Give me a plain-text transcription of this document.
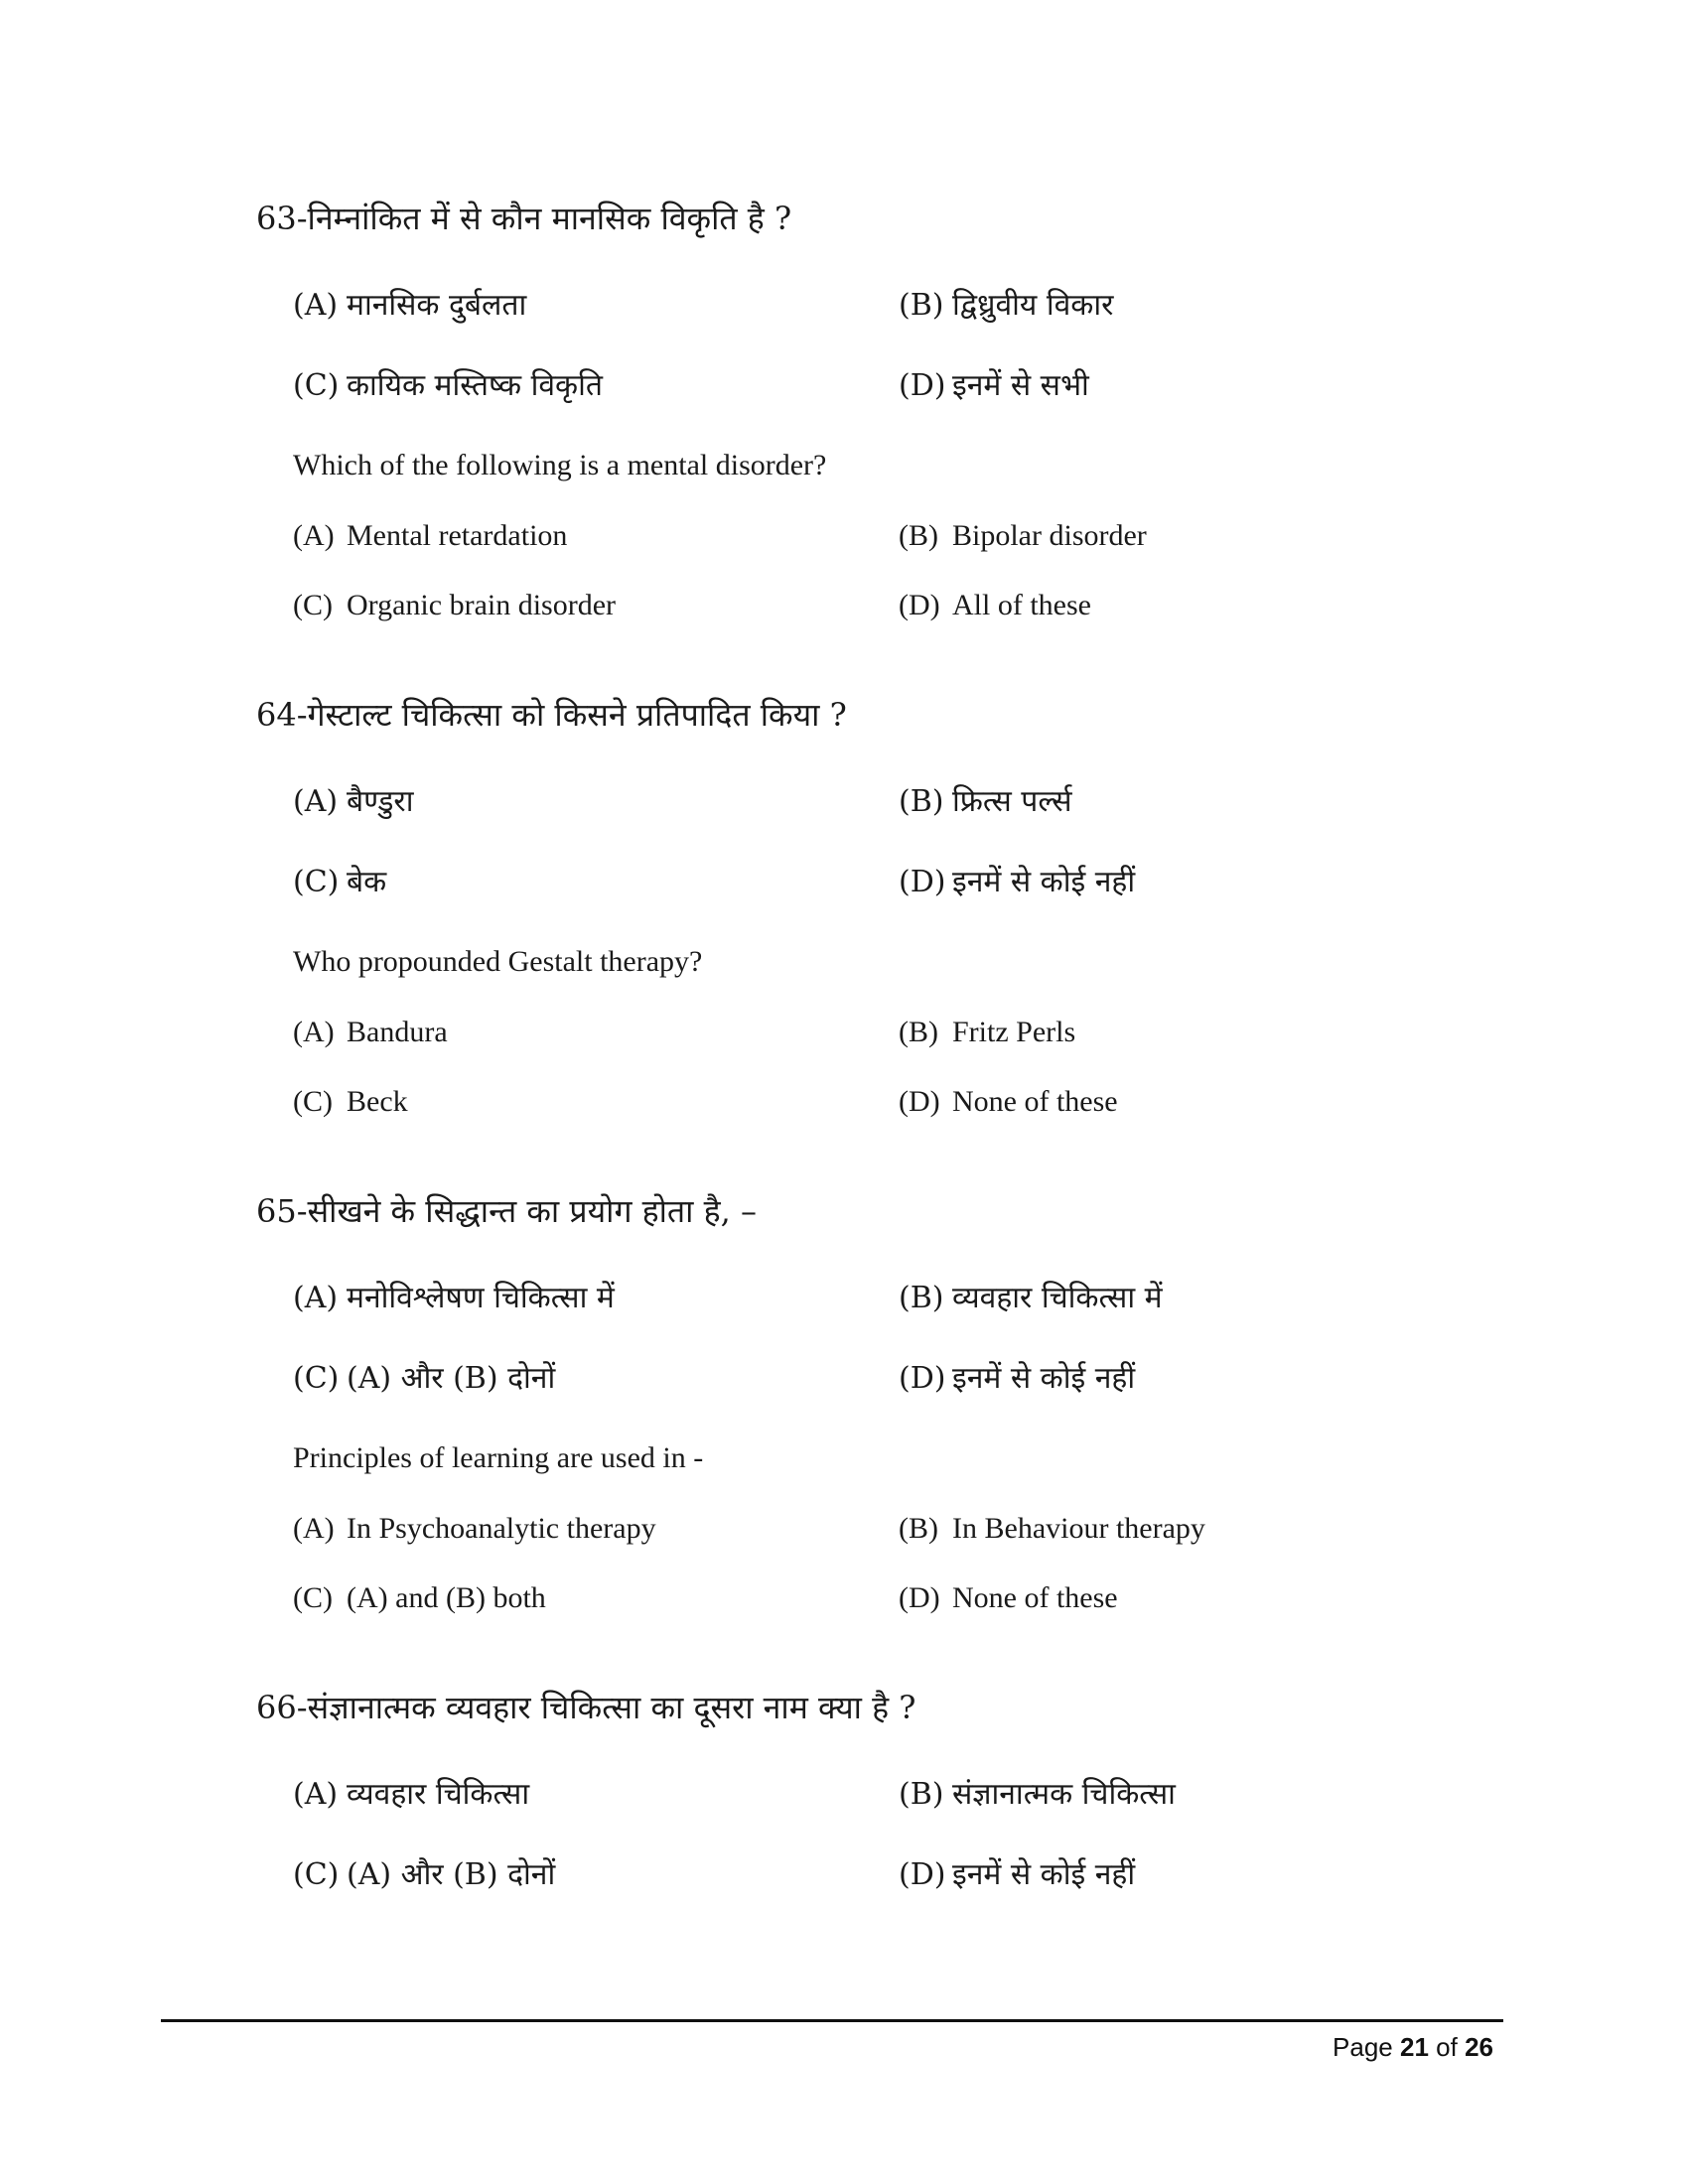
63-निम्नांकित में से कौन मानसिक विकृति है ?
(A) मानसिक दुर्बलता	(B) द्विध्रुवीय विकार
(C) कायिक मस्तिष्क विकृति	(D) इनमें से सभी
Which of the following is a mental disorder?
(A) Mental retardation	(B) Bipolar disorder
(C) Organic brain disorder	(D) All of these
64-गेस्टाल्ट चिकित्सा को किसने प्रतिपादित किया ?
(A) बैण्डुरा	(B) फ्रित्स पर्ल्स
(C) बेक	(D) इनमें से कोई नहीं
Who propounded Gestalt therapy?
(A) Bandura	(B) Fritz Perls
(C) Beck	(D) None of these
65-सीखने के सिद्धान्त का प्रयोग होता है, –
(A) मनोविश्लेषण चिकित्सा में	(B) व्यवहार चिकित्सा में
(C) (A) और (B) दोनों	(D) इनमें से कोई नहीं
Principles of learning are used in -
(A) In Psychoanalytic therapy	(B) In Behaviour therapy
(C) (A) and (B) both	(D) None of these
66-संज्ञानात्मक व्यवहार चिकित्सा का दूसरा नाम क्या है ?
(A) व्यवहार चिकित्सा	(B) संज्ञानात्मक चिकित्सा
(C) (A) और (B) दोनों	(D) इनमें से कोई नहीं
Page 21 of 26
